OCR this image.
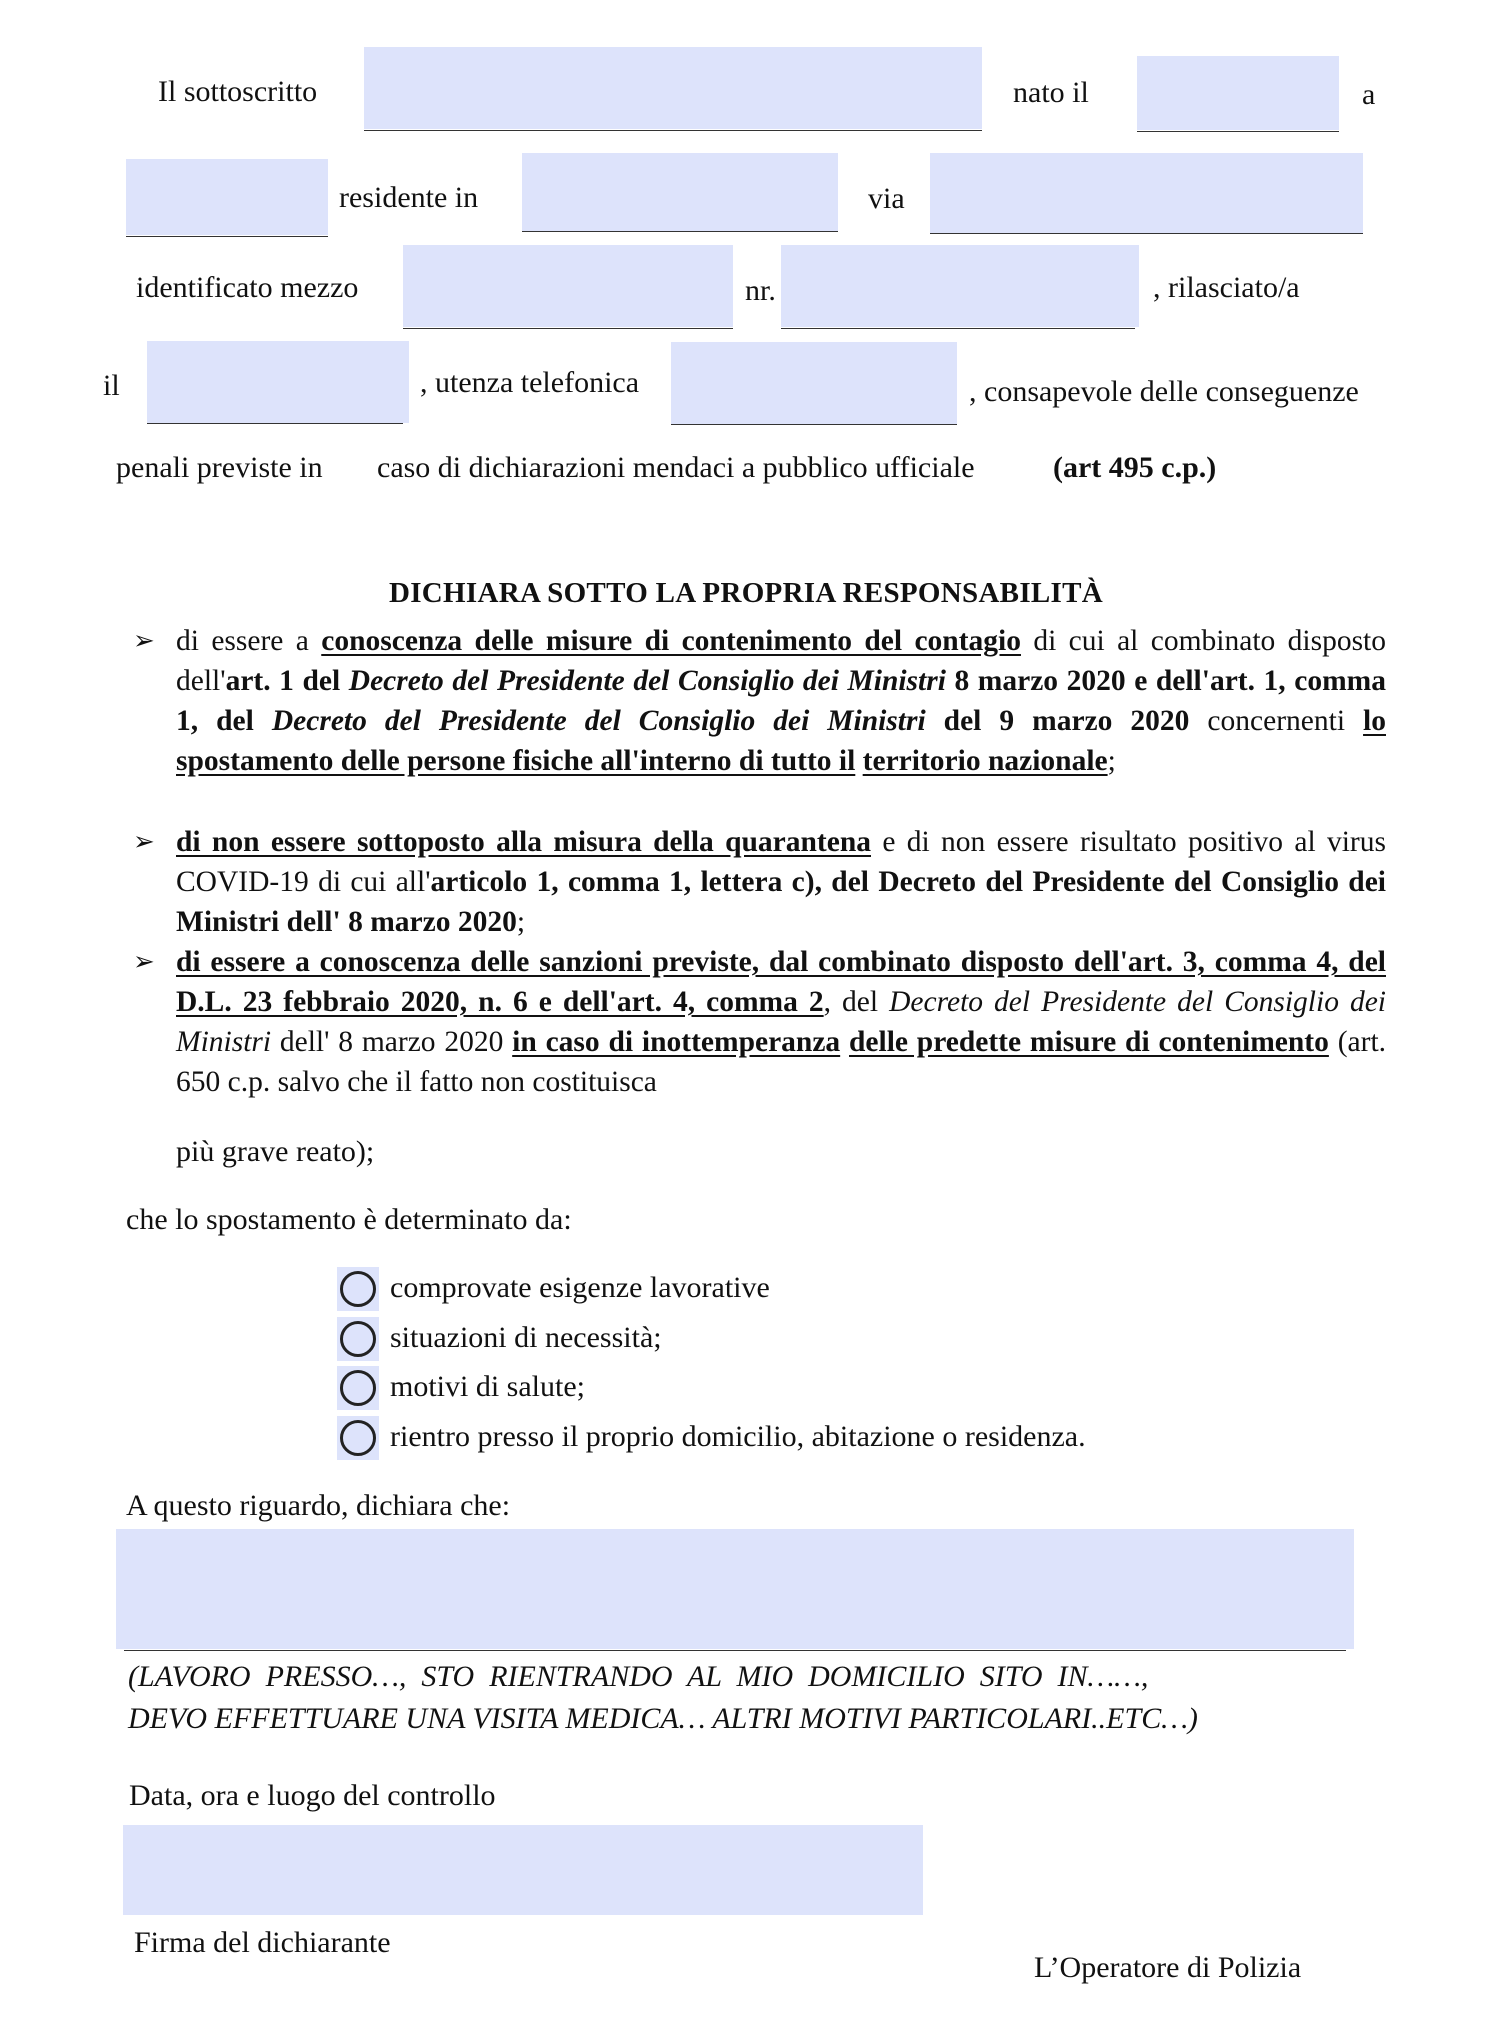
Il sottoscritto	nato il	a
residente in	via
identificato mezzo	nr.	, rilasciato/a
il	, utenza telefonica	, consapevole delle conseguenze
penali previste in caso di dichiarazioni mendaci a pubblico ufficiale	(art 495 c.p.)
DICHIARA SOTTO LA PROPRIA RESPONSABILITÀ
➢ di essere a conoscenza delle misure di contenimento del contagio di cui al combinato disposto dell'art. 1 del Decreto del Presidente del Consiglio dei Ministri 8 marzo 2020 e dell'art. 1, comma 1, del Decreto del Presidente del Consiglio dei Ministri del 9 marzo 2020 concernenti lo spostamento delle persone fisiche all'interno di tutto il territorio nazionale;
➢ di non essere sottoposto alla misura della quarantena e di non essere risultato positivo al virus COVID-19 di cui all'articolo 1, comma 1, lettera c), del Decreto del Presidente del Consiglio dei Ministri dell' 8 marzo 2020;
➢ di essere a conoscenza delle sanzioni previste, dal combinato disposto dell'art. 3, comma 4, del D.L. 23 febbraio 2020, n. 6 e dell'art. 4, comma 2, del Decreto del Presidente del Consiglio dei Ministri dell' 8 marzo 2020 in caso di inottemperanza delle predette misure di contenimento (art. 650 c.p. salvo che il fatto non costituisca
più grave reato);
che lo spostamento è determinato da:
comprovate esigenze lavorative
situazioni di necessità;
motivi di salute;
rientro presso il proprio domicilio, abitazione o residenza.
A questo riguardo, dichiara che:
(LAVORO  PRESSO…,  STO  RIENTRANDO  AL  MIO  DOMICILIO  SITO  IN……,
DEVO EFFETTUARE UNA VISITA MEDICA… ALTRI MOTIVI PARTICOLARI..ETC…)
Data, ora e luogo del controllo
Firma del dichiarante
L’Operatore di Polizia
